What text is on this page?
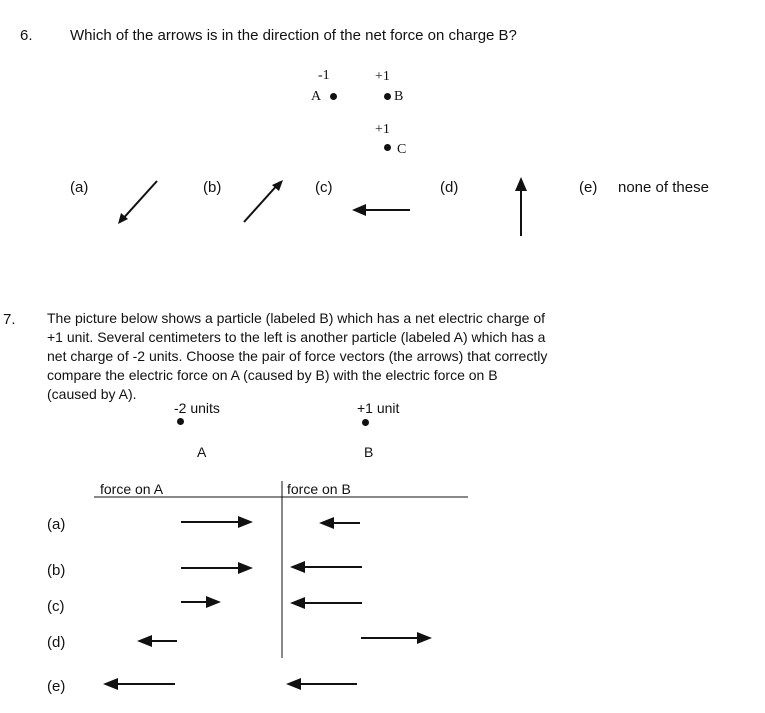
6. Which of the arrows is in the direction of the net force on charge B?
-1	+1
A	B
+1
C
(a)	(b)	(c)	(d)	(e) none of these
7. The picture below shows a particle (labeled B) which has a net electric charge of
+1 unit. Several centimeters to the left is another particle (labeled A) which has a
net charge of -2 units. Choose the pair of force vectors (the arrows) that correctly
compare the electric force on A (caused by B) with the electric force on B
(caused by A).
-2 units
A
+1 unit
B
force on A	force on B
(a)
(b)
(c)
(d)
(e)
